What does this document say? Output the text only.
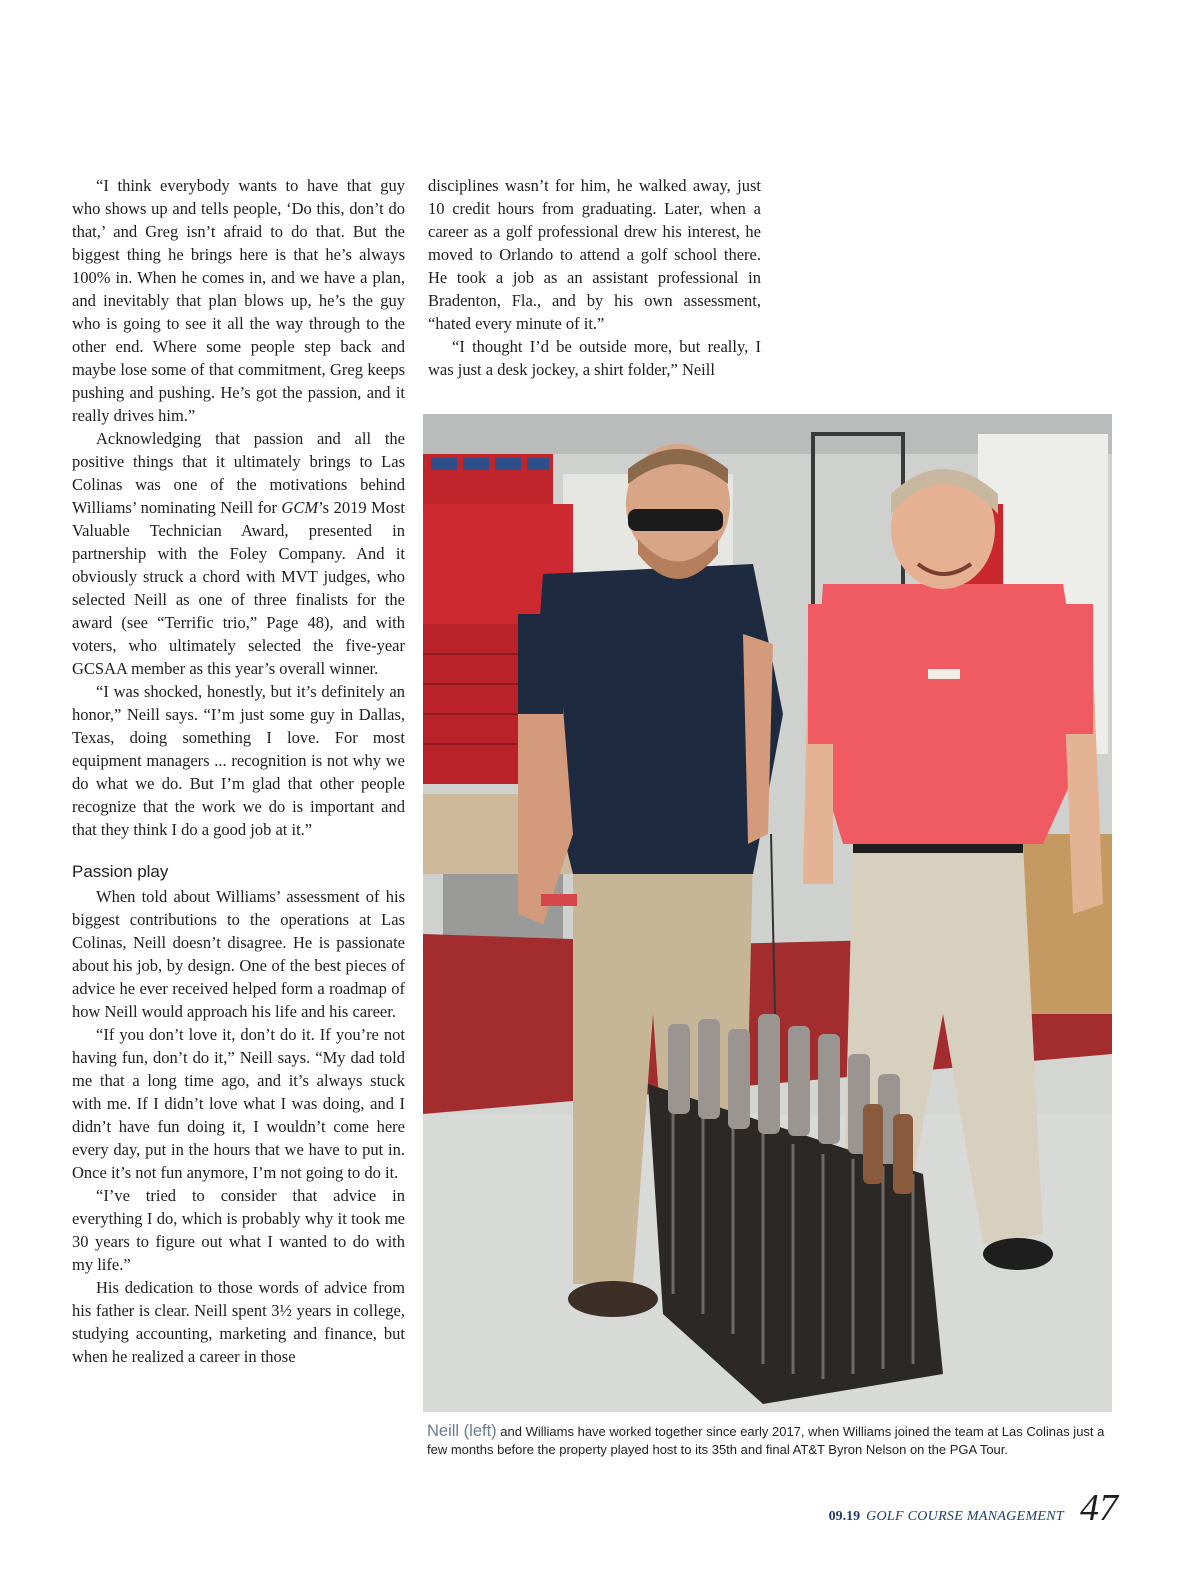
“I think everybody wants to have that guy who shows up and tells people, ‘Do this, don’t do that,’ and Greg isn’t afraid to do that. But the biggest thing he brings here is that he’s always 100% in. When he comes in, and we have a plan, and inevitably that plan blows up, he’s the guy who is going to see it all the way through to the other end. Where some people step back and maybe lose some of that commitment, Greg keeps pushing and pushing. He’s got the passion, and it really drives him.”

Acknowledging that passion and all the positive things that it ultimately brings to Las Colinas was one of the motivations behind Williams’ nominating Neill for GCM’s 2019 Most Valuable Technician Award, presented in partnership with the Foley Company. And it obviously struck a chord with MVT judges, who selected Neill as one of three finalists for the award (see “Terrific trio,” Page 48), and with voters, who ultimately selected the five-year GCSAA member as this year’s overall winner.

“I was shocked, honestly, but it’s definitely an honor,” Neill says. “I’m just some guy in Dallas, Texas, doing something I love. For most equipment managers ... recognition is not why we do what we do. But I’m glad that other people recognize that the work we do is important and that they think I do a good job at it.”

Passion play

When told about Williams’ assessment of his biggest contributions to the operations at Las Colinas, Neill doesn’t disagree. He is passionate about his job, by design. One of the best pieces of advice he ever received helped form a roadmap of how Neill would approach his life and his career.

“If you don’t love it, don’t do it. If you’re not having fun, don’t do it,” Neill says. “My dad told me that a long time ago, and it’s always stuck with me. If I didn’t love what I was doing, and I didn’t have fun doing it, I wouldn’t come here every day, put in the hours that we have to put in. Once it’s not fun anymore, I’m not going to do it.

“I’ve tried to consider that advice in everything I do, which is probably why it took me 30 years to figure out what I wanted to do with my life.”

His dedication to those words of advice from his father is clear. Neill spent 3½ years in college, studying accounting, marketing and finance, but when he realized a career in those

disciplines wasn’t for him, he walked away, just 10 credit hours from graduating. Later, when a career as a golf professional drew his interest, he moved to Orlando to attend a golf school there. He took a job as an assistant professional in Bradenton, Fla., and by his own assessment, “hated every minute of it.”

“I thought I’d be outside more, but really, I was just a desk jockey, a shirt folder,” Neill

Neill (left) and Williams have worked together since early 2017, when Williams joined the team at Las Colinas just a few months before the property played host to its 35th and final AT&T Byron Nelson on the PGA Tour.
09.19 GOLF COURSE MANAGEMENT 47
